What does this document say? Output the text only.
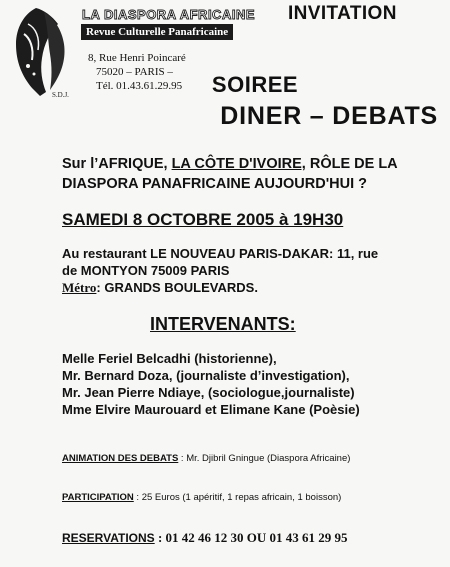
S.D.J.
LA DIASPORA AFRICAINE
Revue Culturelle Panafricaine
INVITATION
8, Rue Henri Poincaré
75020 – PARIS –
Tél. 01.43.61.29.95	SOIREE
DINER – DEBATS
Sur l’AFRIQUE, LA CÔTE D'IVOIRE, RÔLE DE LA
DIASPORA PANAFRICAINE AUJOURD'HUI ?
SAMEDI 8 OCTOBRE 2005 à 19H30
Au restaurant LE NOUVEAU PARIS-DAKAR: 11, rue
de MONTYON 75009 PARIS
Métro: GRANDS BOULEVARDS.
INTERVENANTS:
Melle Feriel Belcadhi (historienne),
Mr. Bernard Doza, (journaliste d’investigation),
Mr. Jean Pierre Ndiaye, (sociologue,journaliste)
Mme Elvire Maurouard et Elimane Kane (Poèsie)
ANIMATION DES DEBATS : Mr. Djibril Gningue (Diaspora Africaine)
PARTICIPATION : 25 Euros (1 apéritif, 1 repas africain, 1 boisson)
RESERVATIONS : 01 42 46 12 30 OU 01 43 61 29 95
